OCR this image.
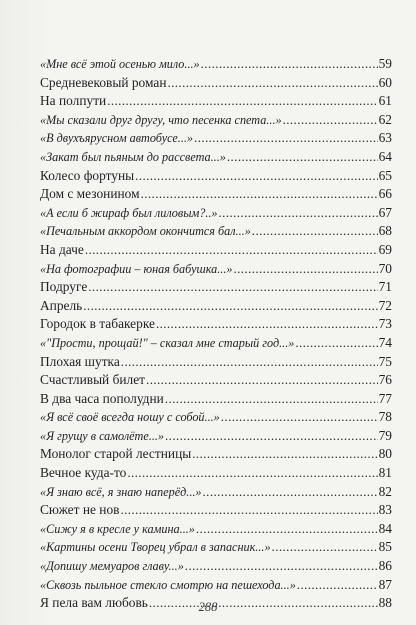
«Мне всё этой осенью мило...» .....	59
Средневековый роман .....	60
На полпути .....	61
«Мы сказали друг другу, что песенка спета...» .....	62
«В двухъярусном автобусе...» .....	63
«Закат был пьяным до рассвета...» .....	64
Колесо фортуны .....	65
Дом с мезонином .....	66
«А если б жираф был лиловым?..» .....	67
«Печальным аккордом окончится бал...» .....	68
На даче .....	69
«На фотографии – юная бабушка...» .....	70
Подруге .....	71
Апрель .....	72
Городок в табакерке .....	73
«"Прости, прощай!" – сказал мне старый год...» .....	74
Плохая шутка .....	75
Счастливый билет .....	76
В два часа пополудни .....	77
«Я всё своё всегда ношу с собой...» .....	78
«Я грущу в самолёте...» .....	79
Монолог старой лестницы .....	80
Вечное куда-то .....	81
«Я знаю всё, я знаю наперёд...» .....	82
Сюжет не нов .....	83
«Сижу я в кресле у камина...» .....	84
«Картины осени Творец убрал в запасник...» .....	85
«Допишу мемуаров главу...» .....	86
«Сквозь пыльное стекло смотрю на пешехода...» .....	87
Я пела вам любовь .....	88
288
